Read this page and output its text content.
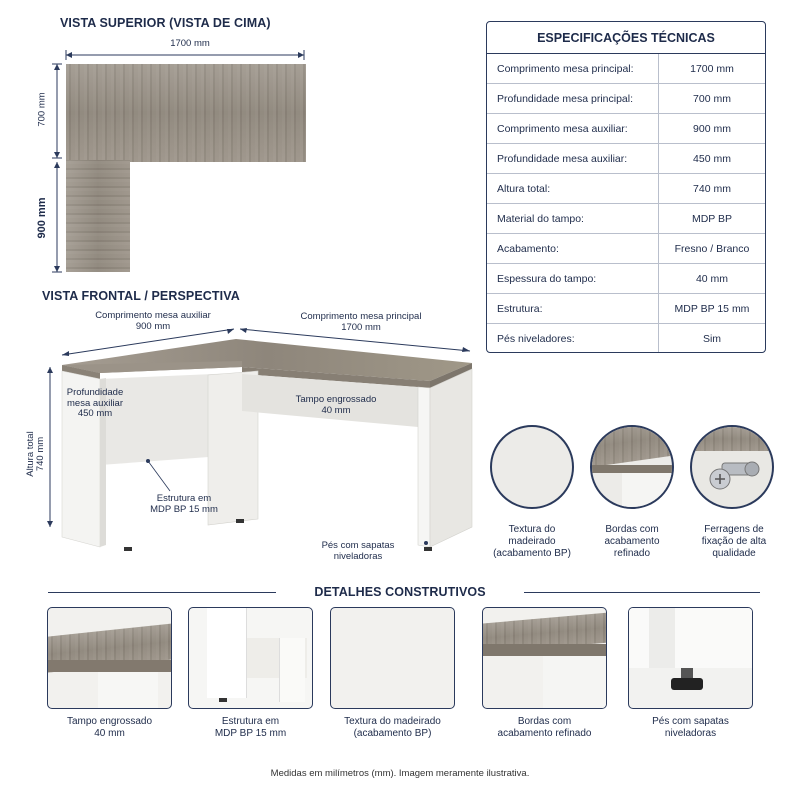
VISTA SUPERIOR (VISTA DE CIMA)
1700 mm
700 mm
900 mm
VISTA FRONTAL / PERSPECTIVA
Comprimento mesa auxiliar
900 mm
Comprimento mesa principal
1700 mm
Profundidade
mesa auxiliar
450 mm
Tampo engrossado
40 mm
Altura total
740 mm
Estrutura em
MDP BP 15 mm
Pés com sapatas
niveladoras
ESPECIFICAÇÕES TÉCNICAS
Comprimento mesa principal:	1700 mm
Profundidade mesa principal:	700 mm
Comprimento mesa auxiliar:	900 mm
Profundidade mesa auxiliar:	450 mm
Altura total:	740 mm
Material do tampo:	MDP BP
Acabamento:	Fresno / Branco
Espessura do tampo:	40 mm
Estrutura:	MDP BP 15 mm
Pés niveladores:	Sim
Textura do
madeirado
(acabamento BP)
Bordas com
acabamento
refinado
Ferragens de
fixação de alta
qualidade
DETALHES CONSTRUTIVOS
Tampo engrossado
40 mm
Estrutura em
MDP BP 15 mm
Textura do madeirado
(acabamento BP)
Bordas com
acabamento refinado
Pés com sapatas
niveladoras
Medidas em milímetros (mm). Imagem meramente ilustrativa.
